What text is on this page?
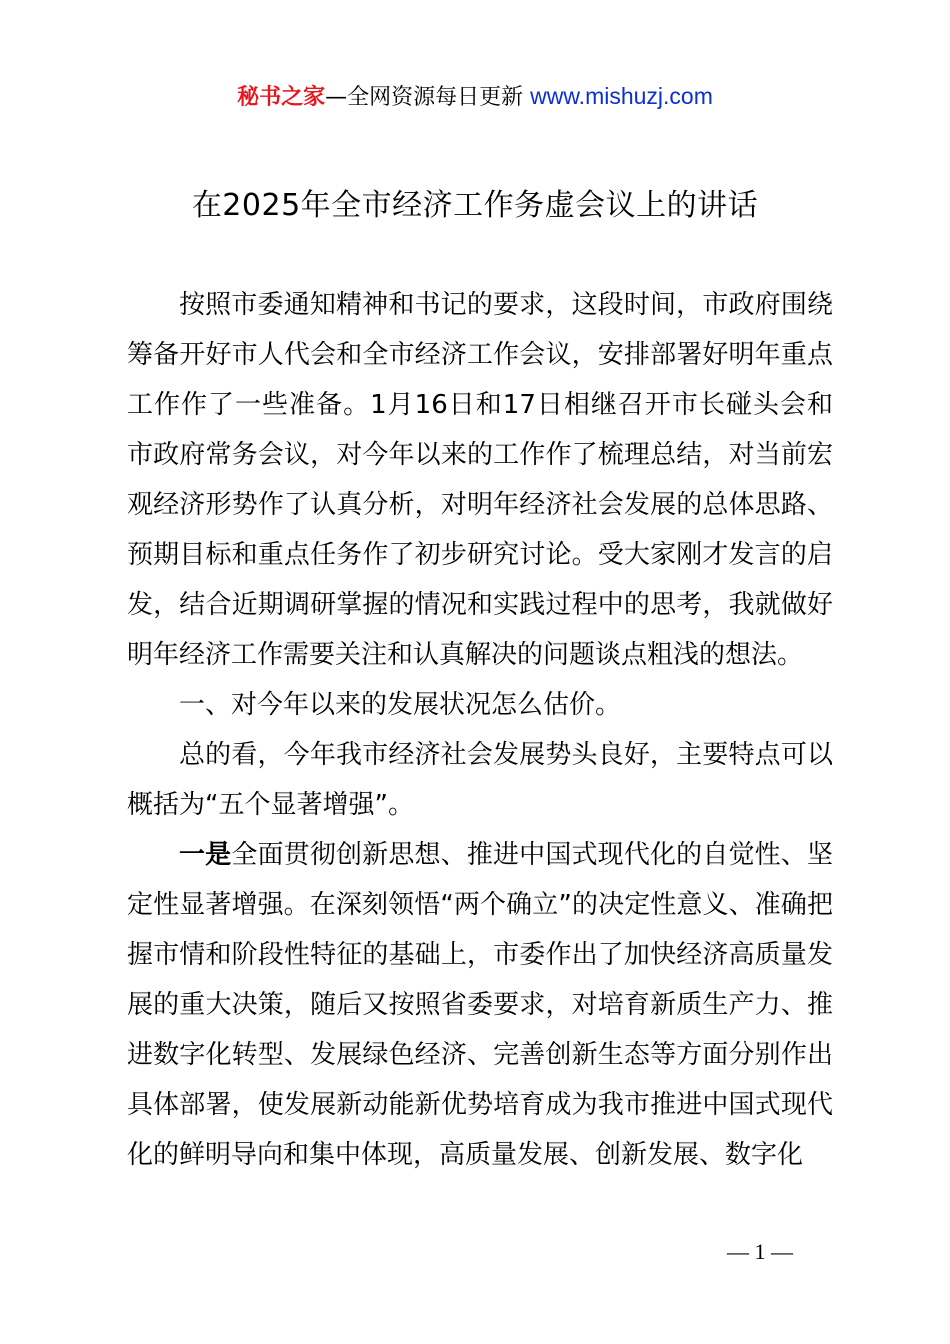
秘书之家—全网资源每日更新 www.mishuzj.com
在2025年全市经济工作务虚会议上的讲话

按照市委通知精神和书记的要求，这段时间，市政府围绕筹备开好市人代会和全市经济工作会议，安排部署好明年重点工作作了一些准备。1月16日和17日相继召开市长碰头会和市政府常务会议，对今年以来的工作作了梳理总结，对当前宏观经济形势作了认真分析，对明年经济社会发展的总体思路、预期目标和重点任务作了初步研究讨论。受大家刚才发言的启发，结合近期调研掌握的情况和实践过程中的思考，我就做好明年经济工作需要关注和认真解决的问题谈点粗浅的想法。

一、对今年以来的发展状况怎么估价。

总的看，今年我市经济社会发展势头良好，主要特点可以概括为“五个显著增强”。

一是全面贯彻创新思想、推进中国式现代化的自觉性、坚定性显著增强。在深刻领悟“两个确立”的决定性意义、准确把握市情和阶段性特征的基础上，市委作出了加快经济高质量发展的重大决策，随后又按照省委要求，对培育新质生产力、推进数字化转型、发展绿色经济、完善创新生态等方面分别作出具体部署，使发展新动能新优势培育成为我市推进中国式现代化的鲜明导向和集中体现，高质量发展、创新发展、数字化

— 1 —
